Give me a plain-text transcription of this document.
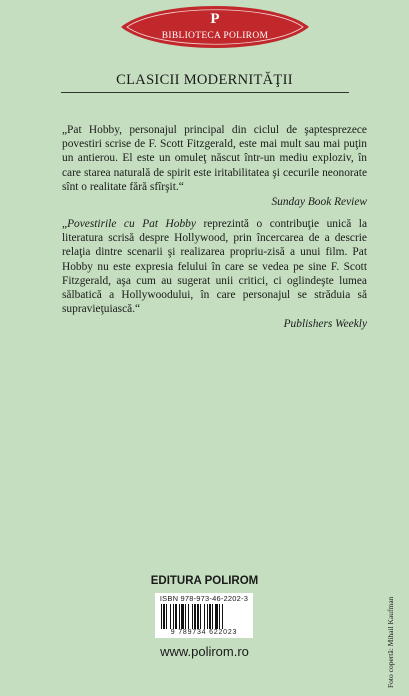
P
BIBLIOTECA POLIROM
CLASICII MODERNITĂŢII
„Pat Hobby, personajul principal din ciclul de şaptesprezece povestiri scrise de F. Scott Fitzgerald, este mai mult sau mai puţin un antierou. El este un omuleţ născut într-un mediu exploziv, în care starea naturală de spirit este iritabilitatea şi cecurile neonorate sînt o realitate fără sfîrşit.“
Sunday Book Review
„Povestirile cu Pat Hobby reprezintă o contribuţie unică la literatura scrisă despre Hollywood, prin încercarea de a descrie relaţia dintre scenarii şi realizarea propriu-zisă a unui film. Pat Hobby nu este expresia felului în care se vedea pe sine F. Scott Fitzgerald, aşa cum au sugerat unii critici, ci oglindeşte lumea sălbatică a Hollywoodului, în care personajul se străduia să supravieţuiască.“
Publishers Weekly
EDITURA POLIROM
ISBN 978-973-46-2202-3
9 789734 622023
www.polirom.ro	Foto copertă: Mihail Kaufman
